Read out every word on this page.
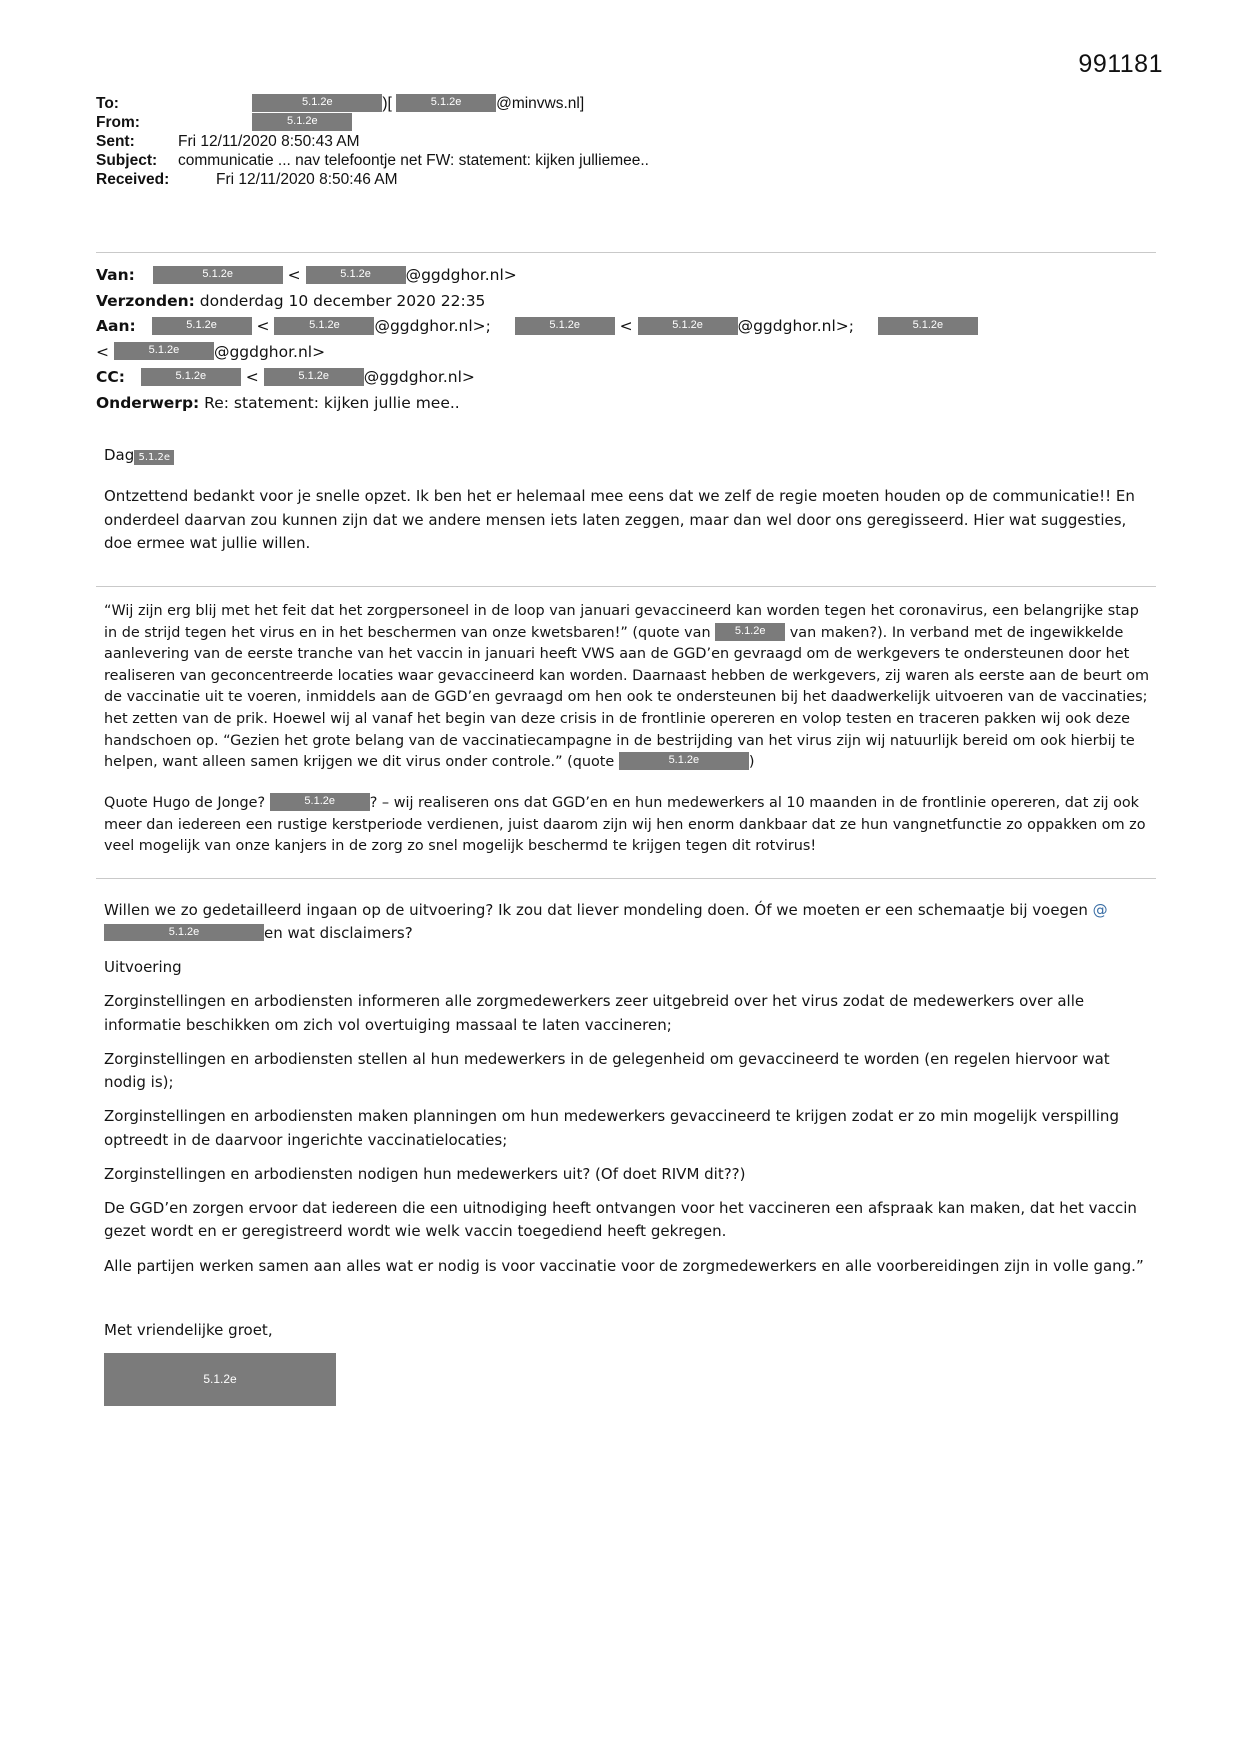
991181
To:	5.1.2e )[ 5.1.2e @minvws.nl]
From:	5.1.2e
Sent:	Fri 12/11/2020 8:50:43 AM
Subject:	communicatie ... nav telefoontje net FW: statement: kijken julliemee..
Received:	Fri 12/11/2020 8:50:46 AM
Van:	5.1.2e	<	5.1.2e @ggdghor.nl>
Verzonden: donderdag 10 december 2020 22:35
Aan:	5.1.2e	<	5.1.2e @ggdghor.nl>;	5.1.2e	<	5.1.2e @ggdghor.nl>;	5.1.2e
<	5.1.2e @ggdghor.nl>
CC:	5.1.2e	<	5.1.2e @ggdghor.nl>
Onderwerp: Re: statement: kijken jullie mee..
Dag 5.1.2e

Ontzettend bedankt voor je snelle opzet. Ik ben het er helemaal mee eens dat we zelf de regie moeten houden op de communicatie!! En onderdeel daarvan zou kunnen zijn dat we andere mensen iets laten zeggen, maar dan wel door ons geregisseerd. Hier wat suggesties, doe ermee wat jullie willen.

“Wij zijn erg blij met het feit dat het zorgpersoneel in de loop van januari gevaccineerd kan worden tegen het coronavirus, een belangrijke stap in de strijd tegen het virus en in het beschermen van onze kwetsbaren!” (quote van 5.1.2e van maken?). In verband met de ingewikkelde aanlevering van de eerste tranche van het vaccin in januari heeft VWS aan de GGD’en gevraagd om de werkgevers te ondersteunen door het realiseren van geconcentreerde locaties waar gevaccineerd kan worden. Daarnaast hebben de werkgevers, zij waren als eerste aan de beurt om de vaccinatie uit te voeren, inmiddels aan de GGD’en gevraagd om hen ook te ondersteunen bij het daadwerkelijk uitvoeren van de vaccinaties; het zetten van de prik. Hoewel wij al vanaf het begin van deze crisis in de frontlinie opereren en volop testen en traceren pakken wij ook deze handschoen op. “Gezien het grote belang van de vaccinatiecampagne in de bestrijding van het virus zijn wij natuurlijk bereid om ook hierbij te helpen, want alleen samen krijgen we dit virus onder controle.” (quote	5.1.2e	)

Quote Hugo de Jonge?	5.1.2e ? – wij realiseren ons dat GGD’en en hun medewerkers al 10 maanden in de frontlinie opereren, dat zij ook meer dan iedereen een rustige kerstperiode verdienen, juist daarom zijn wij hen enorm dankbaar dat ze hun vangnetfunctie zo oppakken om zo veel mogelijk van onze kanjers in de zorg zo snel mogelijk beschermd te krijgen tegen dit rotvirus!

Willen we zo gedetailleerd ingaan op de uitvoering? Ik zou dat liever mondeling doen. Óf we moeten er een schemaatje bij voegen @5.1.2e	en wat disclaimers?

Uitvoering

Zorginstellingen en arbodiensten informeren alle zorgmedewerkers zeer uitgebreid over het virus zodat de medewerkers over alle informatie beschikken om zich vol overtuiging massaal te laten vaccineren;

Zorginstellingen en arbodiensten stellen al hun medewerkers in de gelegenheid om gevaccineerd te worden (en regelen hiervoor wat nodig is);

Zorginstellingen en arbodiensten maken planningen om hun medewerkers gevaccineerd te krijgen zodat er zo min mogelijk verspilling optreedt in de daarvoor ingerichte vaccinatielocaties;

Zorginstellingen en arbodiensten nodigen hun medewerkers uit? (Of doet RIVM dit??)

De GGD’en zorgen ervoor dat iedereen die een uitnodiging heeft ontvangen voor het vaccineren een afspraak kan maken, dat het vaccin gezet wordt en er geregistreerd wordt wie welk vaccin toegediend heeft gekregen.

Alle partijen werken samen aan alles wat er nodig is voor vaccinatie voor de zorgmedewerkers en alle voorbereidingen zijn in volle gang.”

Met vriendelijke groet,

5.1.2e
